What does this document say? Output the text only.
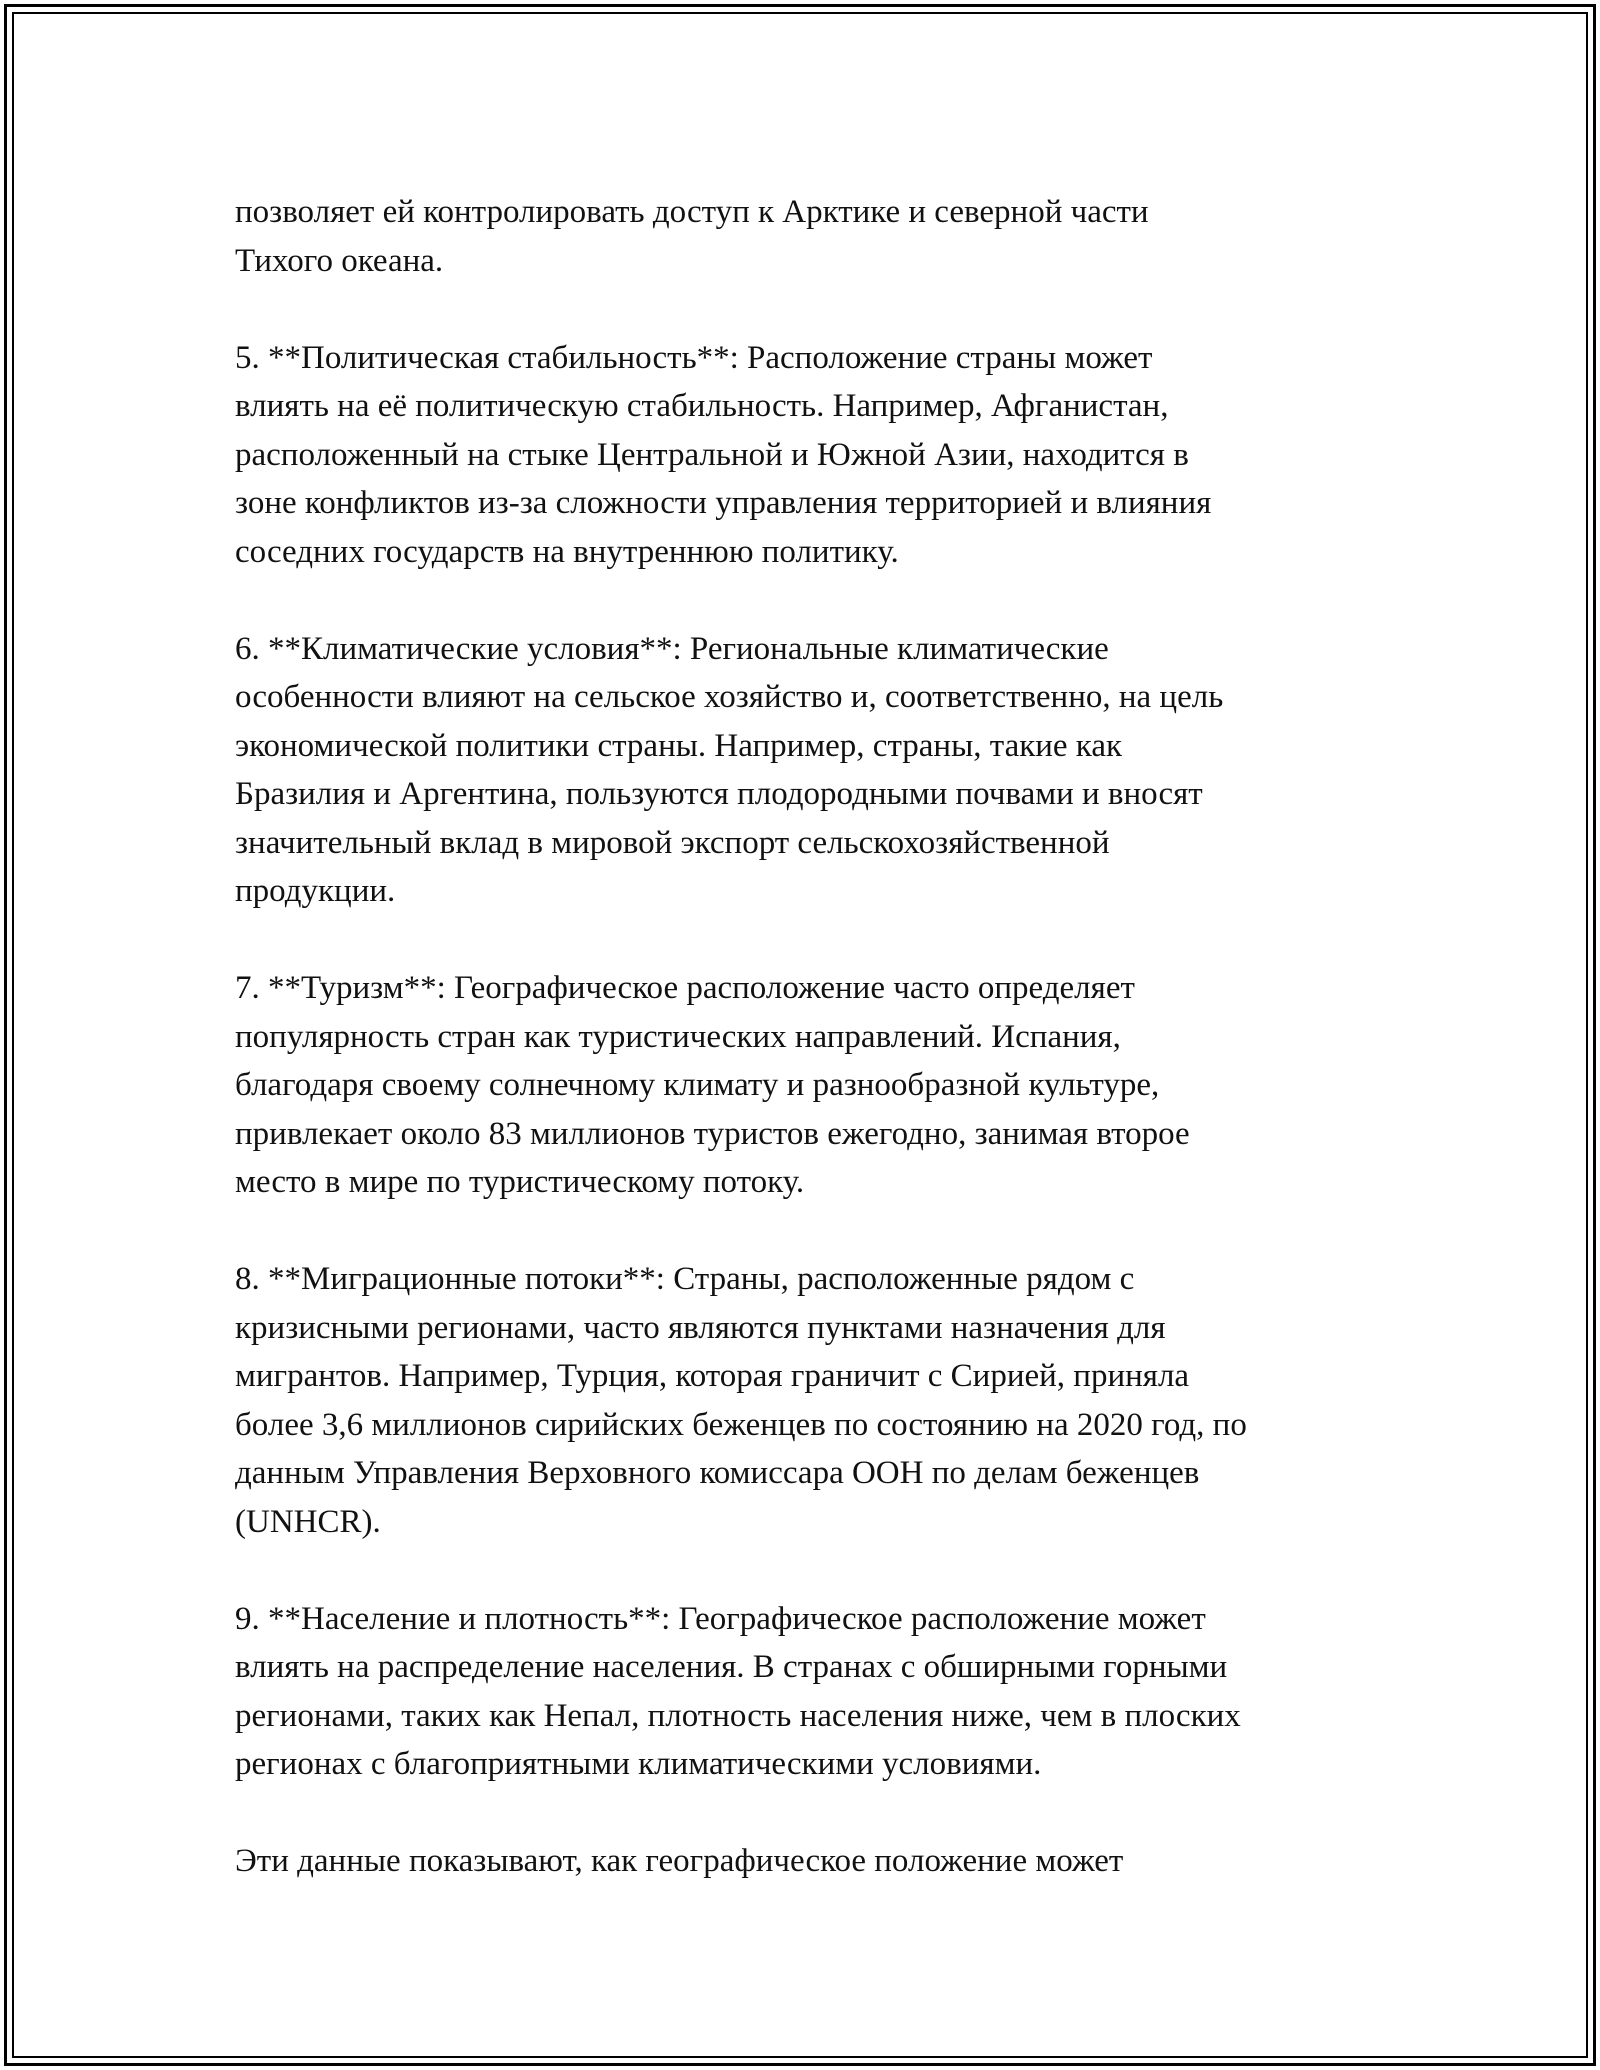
позволяет ей контролировать доступ к Арктике и северной части
Тихого океана.

5. **Политическая стабильность**: Расположение страны может
влиять на её политическую стабильность. Например, Афганистан,
расположенный на стыке Центральной и Южной Азии, находится в
зоне конфликтов из-за сложности управления территорией и влияния
соседних государств на внутреннюю политику.

6. **Климатические условия**: Региональные климатические
особенности влияют на сельское хозяйство и, соответственно, на цель
экономической политики страны. Например, страны, такие как
Бразилия и Аргентина, пользуются плодородными почвами и вносят
значительный вклад в мировой экспорт сельскохозяйственной
продукции.

7. **Туризм**: Географическое расположение часто определяет
популярность стран как туристических направлений. Испания,
благодаря своему солнечному климату и разнообразной культуре,
привлекает около 83 миллионов туристов ежегодно, занимая второе
место в мире по туристическому потоку.

8. **Миграционные потоки**: Страны, расположенные рядом с
кризисными регионами, часто являются пунктами назначения для
мигрантов. Например, Турция, которая граничит с Сирией, приняла
более 3,6 миллионов сирийских беженцев по состоянию на 2020 год, по
данным Управления Верховного комиссара ООН по делам беженцев
(UNHCR).

9. **Население и плотность**: Географическое расположение может
влиять на распределение населения. В странах с обширными горными
регионами, таких как Непал, плотность населения ниже, чем в плоских
регионах с благоприятными климатическими условиями.

Эти данные показывают, как географическое положение может
